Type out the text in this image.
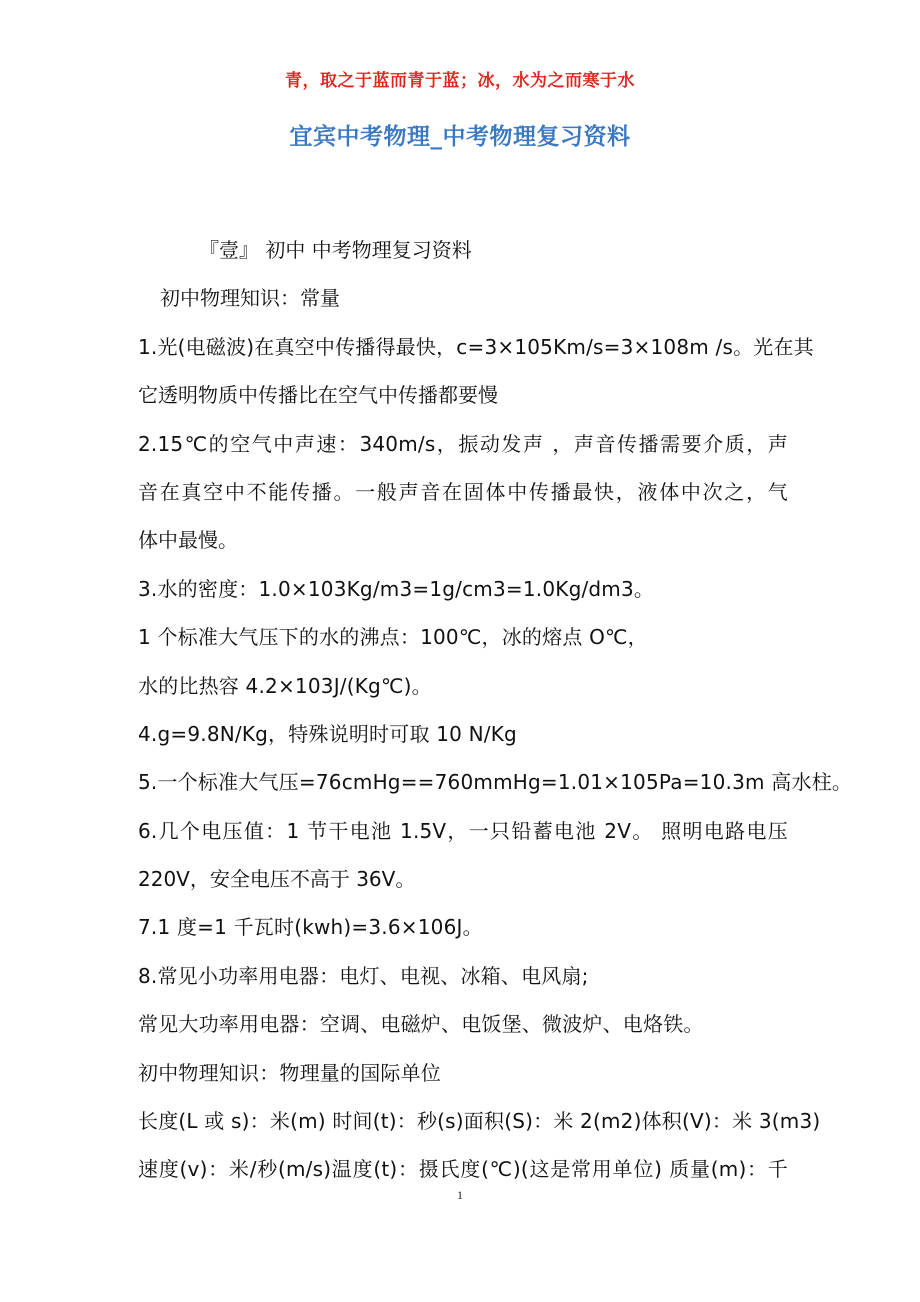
青，取之于蓝而青于蓝；冰，水为之而寒于水
宜宾中考物理_中考物理复习资料
『壹』 初中 中考物理复习资料
初中物理知识：常量
1.光(电磁波)在真空中传播得最快，c=3×105Km/s=3×108m /s。光在其
它透明物质中传播比在空气中传播都要慢
2.15℃的空气中声速：340m/s，振动发声 ，声音传播需要介质，声
音在真空中不能传播。一般声音在固体中传播最快，液体中次之，气
体中最慢。
3.水的密度：1.0×103Kg/m3=1g/cm3=1.0Kg/dm3。
1 个标准大气压下的水的沸点：100℃，冰的熔点 O℃，
水的比热容 4.2×103J/(Kg℃)。
4.g=9.8N/Kg，特殊说明时可取 10 N/Kg
5.一个标准大气压=76cmHg==760mmHg=1.01×105Pa=10.3m 高水柱。
6.几个电压值：1 节干电池 1.5V，一只铅蓄电池 2V。 照明电路电压
220V，安全电压不高于 36V。
7.1 度=1 千瓦时(kwh)=3.6×106J。
8.常见小功率用电器：电灯、电视、冰箱、电风扇;
常见大功率用电器：空调、电磁炉、电饭堡、微波炉、电烙铁。
初中物理知识：物理量的国际单位
长度(L 或 s)：米(m) 时间(t)：秒(s)面积(S)：米 2(m2)体积(V)：米 3(m3)
速度(v)：米/秒(m/s)温度(t)：摄氏度(℃)(这是常用单位) 质量(m)：千
1
